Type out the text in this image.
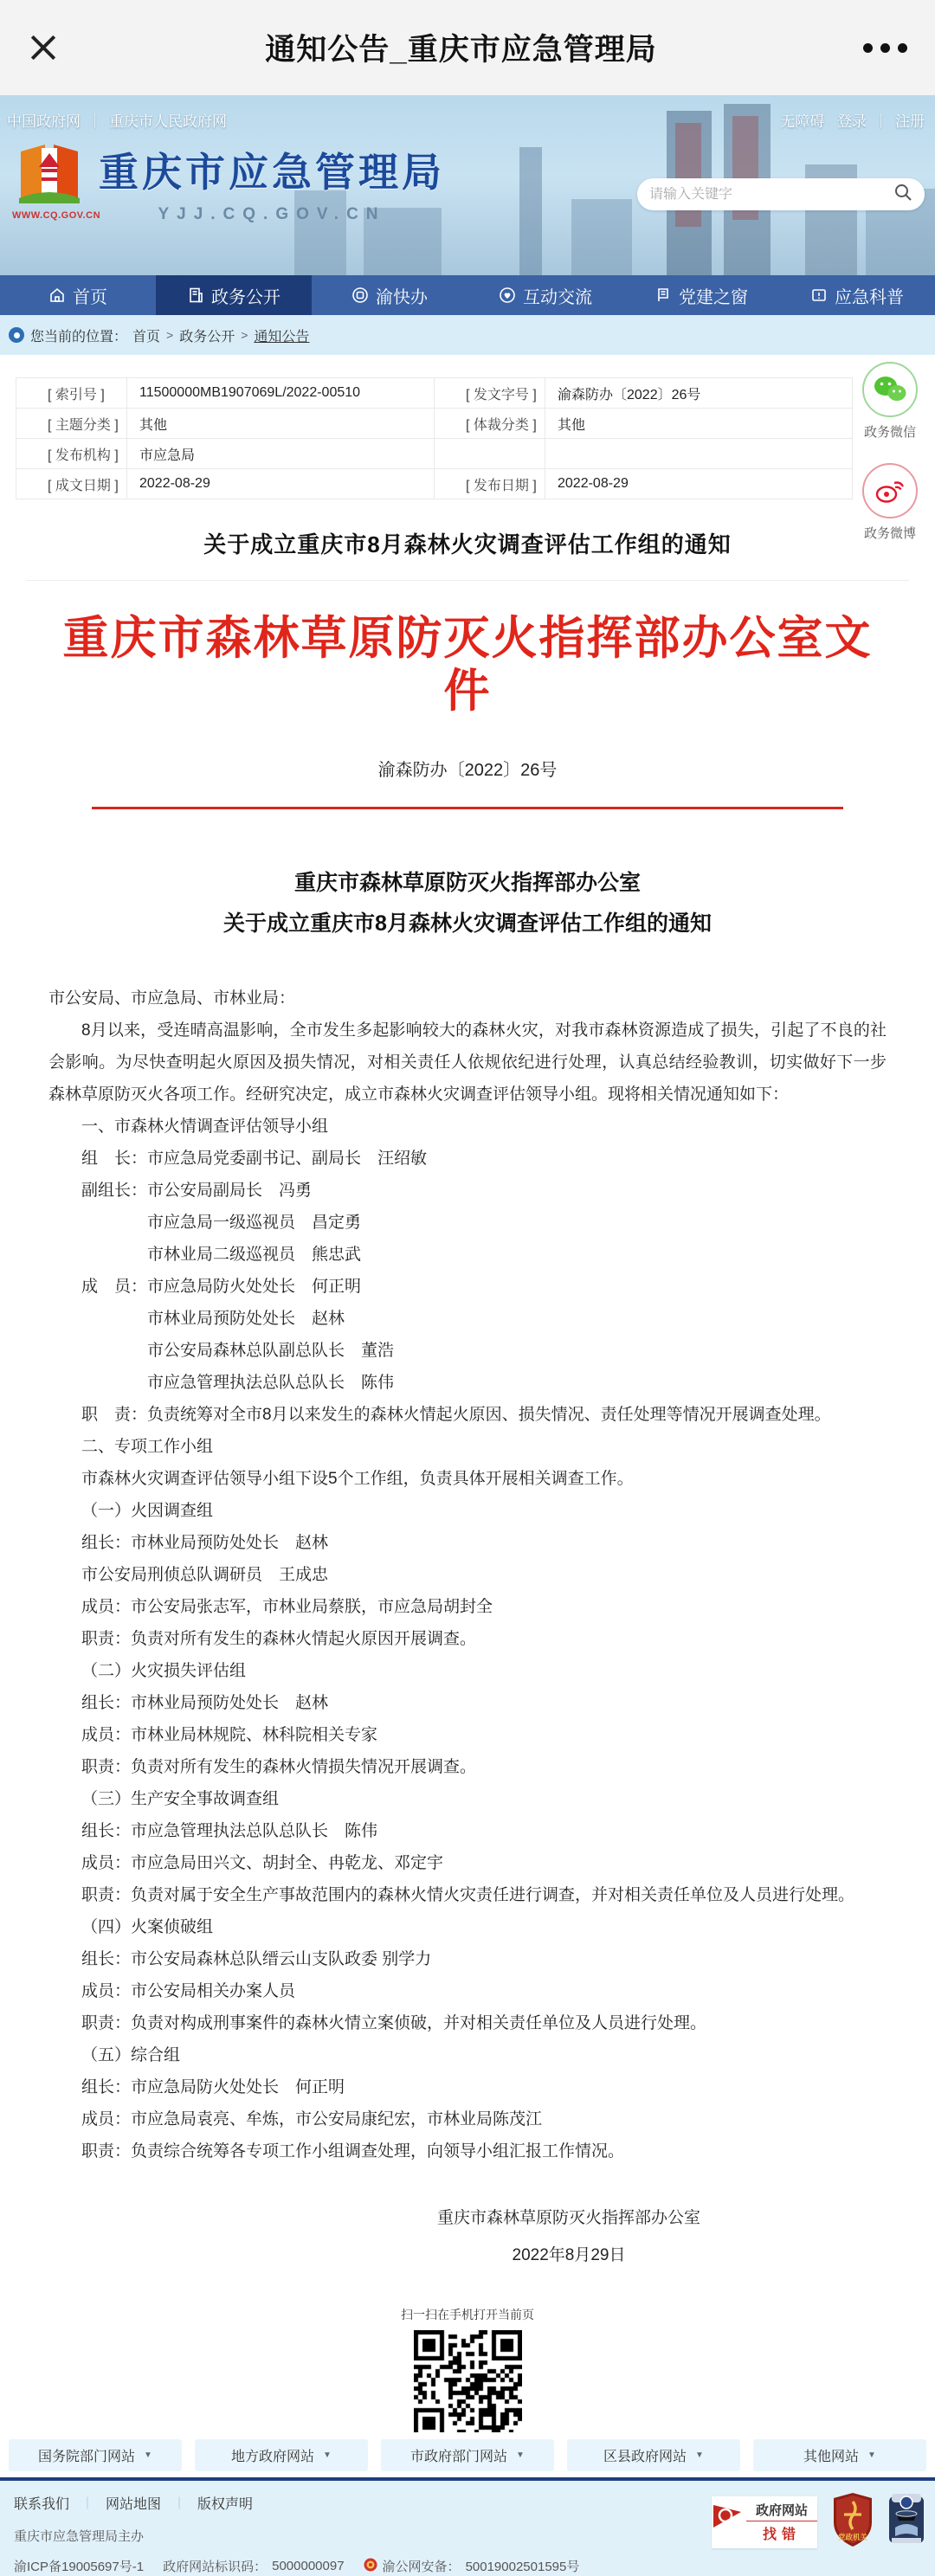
通知公告_重庆市应急管理局
中国政府网 ｜ 重庆市人民政府网	无障碍 登录 ｜ 注册
WWW.CQ.GOV.CN
重庆市应急管理局
YJJ.CQ.GOV.CN
请输入关键字
首页	政务公开	渝快办	互动交流	党建之窗	应急科普
您当前的位置： 首页 > 政务公开 > 通知公告
政务微信
政务微博
[ 索引号 ]	11500000MB1907069L/2022-00510	[ 发文字号 ]	渝森防办〔2022〕26号
[ 主题分类 ]	其他	[ 体裁分类 ]	其他
[ 发布机构 ]	市应急局		
[ 成文日期 ]	2022-08-29	[ 发布日期 ]	2022-08-29
关于成立重庆市8月森林火灾调查评估工作组的通知
重庆市森林草原防灭火指挥部办公室文件
渝森防办〔2022〕26号
重庆市森林草原防灭火指挥部办公室
关于成立重庆市8月森林火灾调查评估工作组的通知
市公安局、市应急局、市林业局：
8月以来，受连晴高温影响，全市发生多起影响较大的森林火灾，对我市森林资源造成了损失，引起了不良的社会影响。为尽快查明起火原因及损失情况，对相关责任人依规依纪进行处理，认真总结经验教训，切实做好下一步森林草原防灭火各项工作。经研究决定，成立市森林火灾调查评估领导小组。现将相关情况通知如下：
一、市森林火情调查评估领导小组
组　长：市应急局党委副书记、副局长　汪绍敏
副组长：市公安局副局长　冯勇
市应急局一级巡视员　昌定勇
市林业局二级巡视员　熊忠武
成　员：市应急局防火处处长　何正明
市林业局预防处处长　赵林
市公安局森林总队副总队长　董浩
市应急管理执法总队总队长　陈伟
职　责：负责统筹对全市8月以来发生的森林火情起火原因、损失情况、责任处理等情况开展调查处理。
二、专项工作小组
市森林火灾调查评估领导小组下设5个工作组，负责具体开展相关调查工作。
（一）火因调查组
组长：市林业局预防处处长　赵林
市公安局刑侦总队调研员　王成忠
成员：市公安局张志军，市林业局蔡朕，市应急局胡封全
职责：负责对所有发生的森林火情起火原因开展调查。
（二）火灾损失评估组
组长：市林业局预防处处长　赵林
成员：市林业局林规院、林科院相关专家
职责：负责对所有发生的森林火情损失情况开展调查。
（三）生产安全事故调查组
组长：市应急管理执法总队总队长　陈伟
成员：市应急局田兴文、胡封全、冉乾龙、邓定宇
职责：负责对属于安全生产事故范围内的森林火情火灾责任进行调查，并对相关责任单位及人员进行处理。
（四）火案侦破组
组长：市公安局森林总队缙云山支队政委 别学力
成员：市公安局相关办案人员
职责：负责对构成刑事案件的森林火情立案侦破，并对相关责任单位及人员进行处理。
（五）综合组
组长：市应急局防火处处长　何正明
成员：市应急局袁亮、牟炼，市公安局康纪宏，市林业局陈茂江
职责：负责综合统筹各专项工作小组调查处理，向领导小组汇报工作情况。
重庆市森林草原防灭火指挥部办公室
2022年8月29日
扫一扫在手机打开当前页
国务院部门网站 ▼	地方政府网站 ▼	市政府部门网站 ▼	区县政府网站 ▼	其他网站 ▼
联系我们 ｜ 网站地图 ｜ 版权声明
重庆市应急管理局主办
渝ICP备19005697号-1 政府网站标识码： 5000000097	渝公网安备： 50019002501595号
政府网站
找错	党政机关
